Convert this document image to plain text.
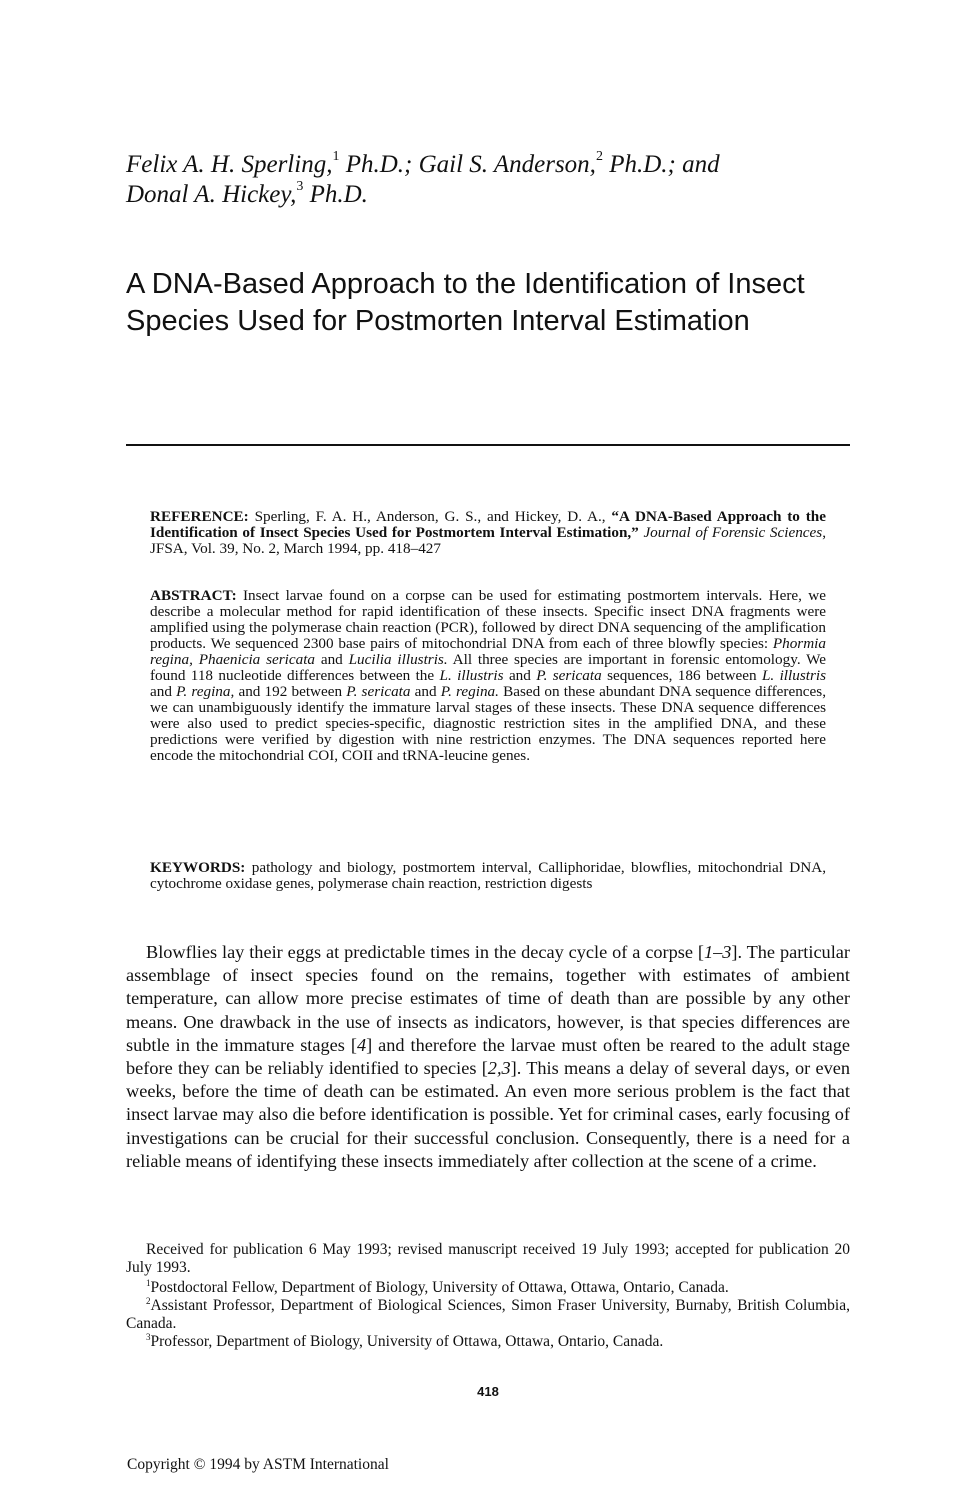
Felix A. H. Sperling,$^1$ Ph.D.; Gail S. Anderson,$^2$ Ph.D.; and
Donal A. Hickey,$^3$ Ph.D.
A DNA-Based Approach to the Identification of Insect Species Used for Postmorten Interval Estimation

REFERENCE: Sperling, F. A. H., Anderson, G. S., and Hickey, D. A., “A DNA-Based Approach to the Identification of Insect Species Used for Postmortem Interval Estimation,” Journal of Forensic Sciences, JFSA, Vol. 39, No. 2, March 1994, pp. 418–427

ABSTRACT: Insect larvae found on a corpse can be used for estimating postmortem intervals. Here, we describe a molecular method for rapid identification of these insects. Specific insect DNA fragments were amplified using the polymerase chain reaction (PCR), followed by direct DNA sequencing of the amplification products. We sequenced 2300 base pairs of mitochondrial DNA from each of three blowfly species: Phormia regina, Phaenicia sericata and Lucilia illustris. All three species are important in forensic entomology. We found 118 nucleotide differences between the L. illustris and P. sericata sequences, 186 between L. illustris and P. regina, and 192 between P. sericata and P. regina. Based on these abundant DNA sequence differences, we can unambiguously identify the immature larval stages of these insects. These DNA sequence differences were also used to predict species-specific, diagnostic restriction sites in the amplified DNA, and these predictions were verified by digestion with nine restriction enzymes. The DNA sequences reported here encode the mitochondrial COI, COII and tRNA-leucine genes.

KEYWORDS: pathology and biology, postmortem interval, Calliphoridae, blowflies, mitochondrial DNA, cytochrome oxidase genes, polymerase chain reaction, restriction digests

Blowflies lay their eggs at predictable times in the decay cycle of a corpse [1–3]. The particular assemblage of insect species found on the remains, together with estimates of ambient temperature, can allow more precise estimates of time of death than are possible by any other means. One drawback in the use of insects as indicators, however, is that species differences are subtle in the immature stages [4] and therefore the larvae must often be reared to the adult stage before they can be reliably identified to species [2,3]. This means a delay of several days, or even weeks, before the time of death can be estimated. An even more serious problem is the fact that insect larvae may also die before identification is possible. Yet for criminal cases, early focusing of investigations can be crucial for their successful conclusion. Consequently, there is a need for a reliable means of identifying these insects immediately after collection at the scene of a crime.

Received for publication 6 May 1993; revised manuscript received 19 July 1993; accepted for publication 20 July 1993.

$^1$Postdoctoral Fellow, Department of Biology, University of Ottawa, Ottawa, Ontario, Canada.

$^2$Assistant Professor, Department of Biological Sciences, Simon Fraser University, Burnaby, British Columbia, Canada.

$^3$Professor, Department of Biology, University of Ottawa, Ottawa, Ontario, Canada.

418
Copyright © 1994 by ASTM International
